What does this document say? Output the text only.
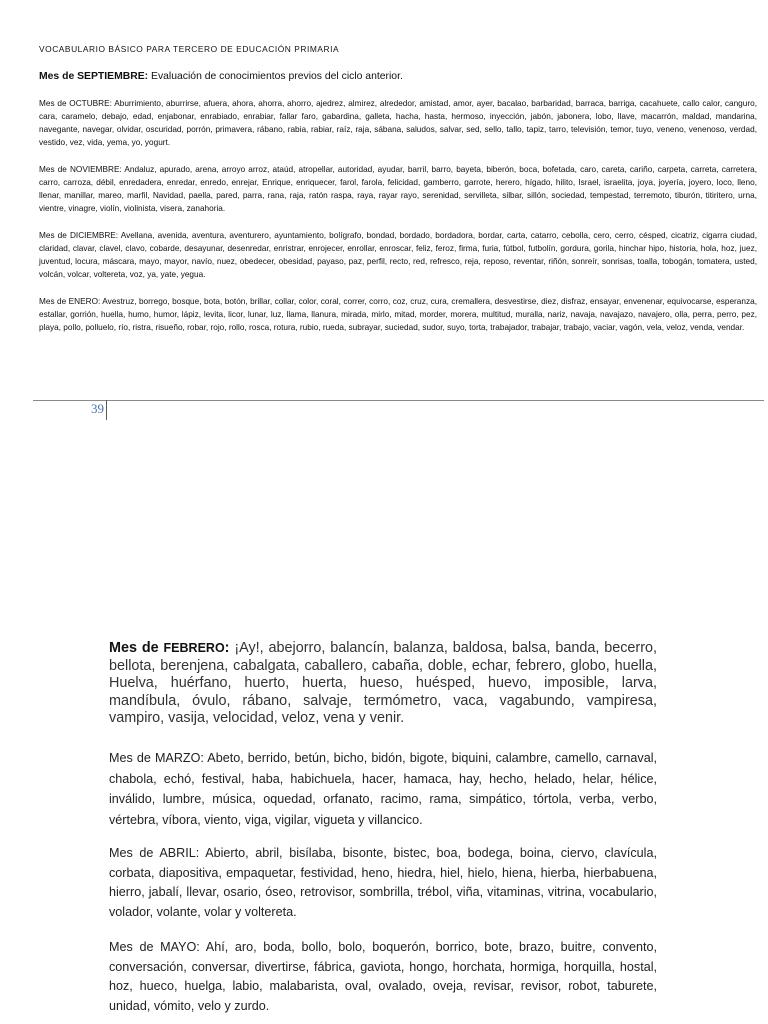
VOCABULARIO BÁSICO PARA TERCERO DE EDUCACIÓN PRIMARIA

Mes de SEPTIEMBRE: Evaluación de conocimientos previos del ciclo anterior.

Mes de OCTUBRE: Aburrimiento, aburrirse, afuera, ahora, ahorra, ahorro, ajedrez, almirez, alrededor, amistad, amor, ayer, bacalao, barbaridad, barraca, barriga, cacahuete, callo calor, canguro, cara, caramelo, debajo, edad, enjabonar, enrabiado, enrabiar, fallar faro, gabardina, galleta, hacha, hasta, hermoso, inyección, jabón, jabonera, lobo, llave, macarrón, maldad, mandarina, navegante, navegar, olvidar, oscuridad, porrón, primavera, rábano, rabia, rabiar, raíz, raja, sábana, saludos, salvar, sed, sello, tallo, tapiz, tarro, televisión, temor, tuyo, veneno, venenoso, verdad, vestido, vez, vida, yema, yo, yogurt.

Mes de NOVIEMBRE: Andaluz, apurado, arena, arroyo arroz, ataúd, atropellar, autoridad, ayudar, barril, barro, bayeta, biberón, boca, bofetada, caro, careta, cariño, carpeta, carreta, carretera, carro, carroza, débil, enredadera, enredar, enredo, enrejar, Enrique, enriquecer, farol, farola, felicidad, gamberro, garrote, herero, hígado, hilito, Israel, israelita, joya, joyería, joyero, loco, lleno, llenar, manillar, mareo, marfil, Navidad, paella, pared, parra, rana, raja, ratón raspa, raya, rayar rayo, serenidad, servilleta, silbar, sillón, sociedad, tempestad, terremoto, tiburón, titiritero, urna, vientre, vinagre, violín, violinista, visera, zanahoria.

Mes de DICIEMBRE: Avellana, avenida, aventura, aventurero, ayuntamiento, bolígrafo, bondad, bordado, bordadora, bordar, carta, catarro, cebolla, cero, cerro, césped, cicatriz, cigarra ciudad, claridad, clavar, clavel, clavo, cobarde, desayunar, desenredar, enristrar, enrojecer, enrollar, enroscar, feliz, feroz, firma, furia, fútbol, futbolín, gordura, gorila, hinchar hipo, historia, hola, hoz, juez, juventud, locura, máscara, mayo, mayor, navío, nuez, obedecer, obesidad, payaso, paz, perfil, recto, red, refresco, reja, reposo, reventar, riñón, sonreír, sonrisas, toalla, tobogán, tomatera, usted, volcán, volcar, voltereta, voz, ya, yate, yegua.

Mes de ENERO: Avestruz, borrego, bosque, bota, botón, brillar, collar, color, coral, correr, corro, coz, cruz, cura, cremallera, desvestirse, diez, disfraz, ensayar, envenenar, equivocarse, esperanza, estallar, gorrión, huella, humo, humor, lápiz, levita, licor, lunar, luz, llama, llanura, mirada, mirlo, mitad, morder, morera, multitud, muralla, nariz, navaja, navajazo, navajero, olla, perra, perro, pez, playa, pollo, polluelo, río, ristra, risueño, robar, rojo, rollo, rosca, rotura, rubio, rueda, subrayar, suciedad, sudor, suyo, torta, trabajador, trabajar, trabajo, vaciar, vagón, vela, veloz, venda, vendar.

39

Mes de FEBRERO: ¡Ay!, abejorro, balancín, balanza, baldosa, balsa, banda, becerro, bellota, berenjena, cabalgata, caballero, cabaña, doble, echar, febrero, globo, huella, Huelva, huérfano, huerto, huerta, hueso, huésped, huevo, imposible, larva, mandíbula, óvulo, rábano, salvaje, termómetro, vaca, vagabundo, vampiresa, vampiro, vasija, velocidad, veloz, vena y venir.

Mes de MARZO: Abeto, berrido, betún, bicho, bidón, bigote, biquini, calambre, camello, carnaval, chabola, echó, festival, haba, habichuela, hacer, hamaca, hay, hecho, helado, helar, hélice, inválido, lumbre, música, oquedad, orfanato, racimo, rama, simpático, tórtola, verba, verbo, vértebra, víbora, viento, viga, vigilar, vigueta y villancico.

Mes de ABRIL: Abierto, abril, bisílaba, bisonte, bistec, boa, bodega, boina, ciervo, clavícula, corbata, diapositiva, empaquetar, festividad, heno, hiedra, hiel, hielo, hiena, hierba, hierbabuena, hierro, jabalí, llevar, osario, óseo, retrovisor, sombrilla, trébol, viña, vitaminas, vitrina, vocabulario, volador, volante, volar y voltereta.

Mes de MAYO: Ahí, aro, boda, bollo, bolo, boquerón, borrico, bote, brazo, buitre, convento, conversación, conversar, divertirse, fábrica, gaviota, hongo, horchata, hormiga, horquilla, hostal, hoz, hueco, huelga, labio, malabarista, oval, ovalado, oveja, revisar, revisor, robot, taburete, unidad, vómito, velo y zurdo.
